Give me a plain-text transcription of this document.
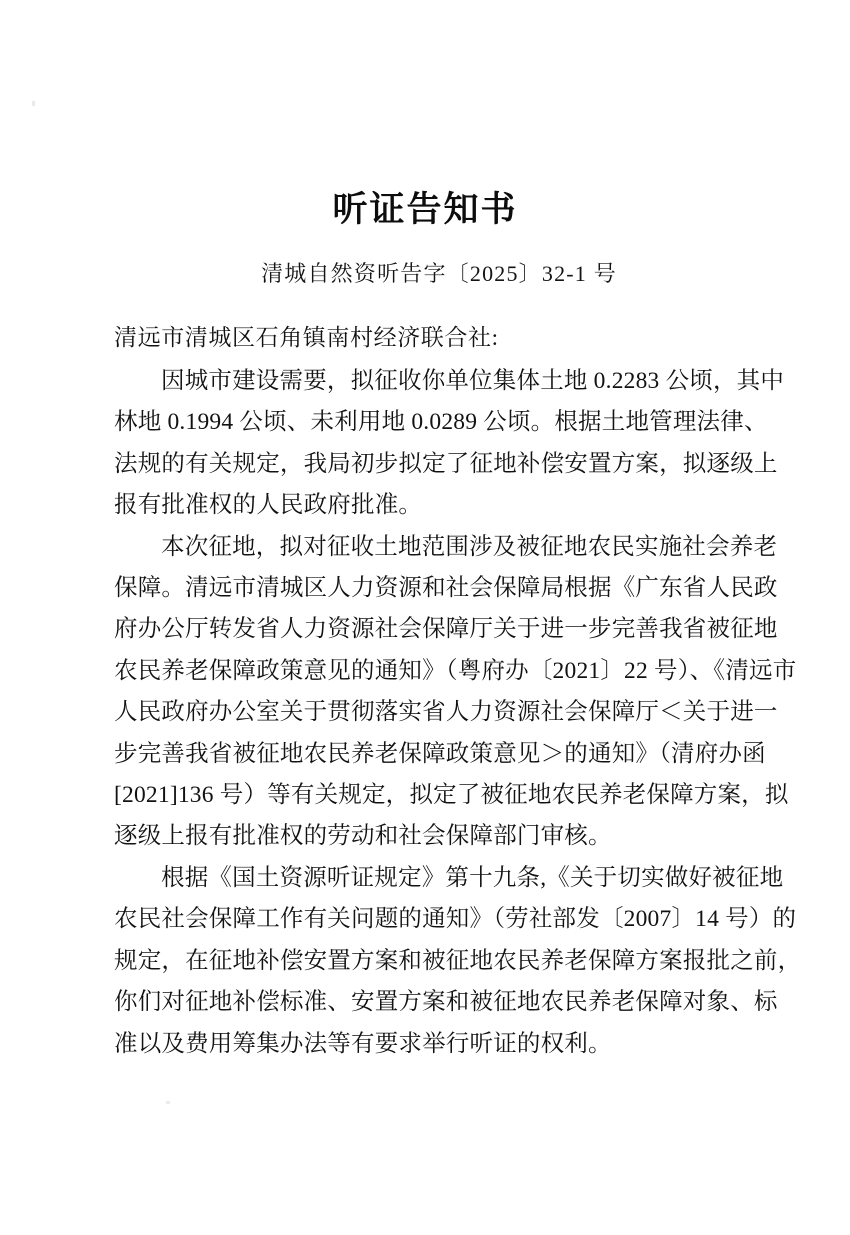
听证告知书
清城自然资听告字〔2025〕32-1 号

清远市清城区石角镇南村经济联合社:

因城市建设需要，拟征收你单位集体土地 0.2283 公顷，其中
林地 0.1994 公顷、未利用地 0.0289 公顷。根据土地管理法律、
法规的有关规定，我局初步拟定了征地补偿安置方案，拟逐级上
报有批准权的人民政府批准。

本次征地，拟对征收土地范围涉及被征地农民实施社会养老
保障。清远市清城区人力资源和社会保障局根据《广东省人民政
府办公厅转发省人力资源社会保障厅关于进一步完善我省被征地
农民养老保障政策意见的通知》（粤府办〔2021〕22 号）、《清远市
人民政府办公室关于贯彻落实省人力资源社会保障厅＜关于进一
步完善我省被征地农民养老保障政策意见＞的通知》（清府办函
[2021]136 号）等有关规定，拟定了被征地农民养老保障方案，拟
逐级上报有批准权的劳动和社会保障部门审核。

根据《国土资源听证规定》第十九条,《关于切实做好被征地
农民社会保障工作有关问题的通知》（劳社部发〔2007〕14 号）的
规定，在征地补偿安置方案和被征地农民养老保障方案报批之前，
你们对征地补偿标准、安置方案和被征地农民养老保障对象、标
准以及费用筹集办法等有要求举行听证的权利。
